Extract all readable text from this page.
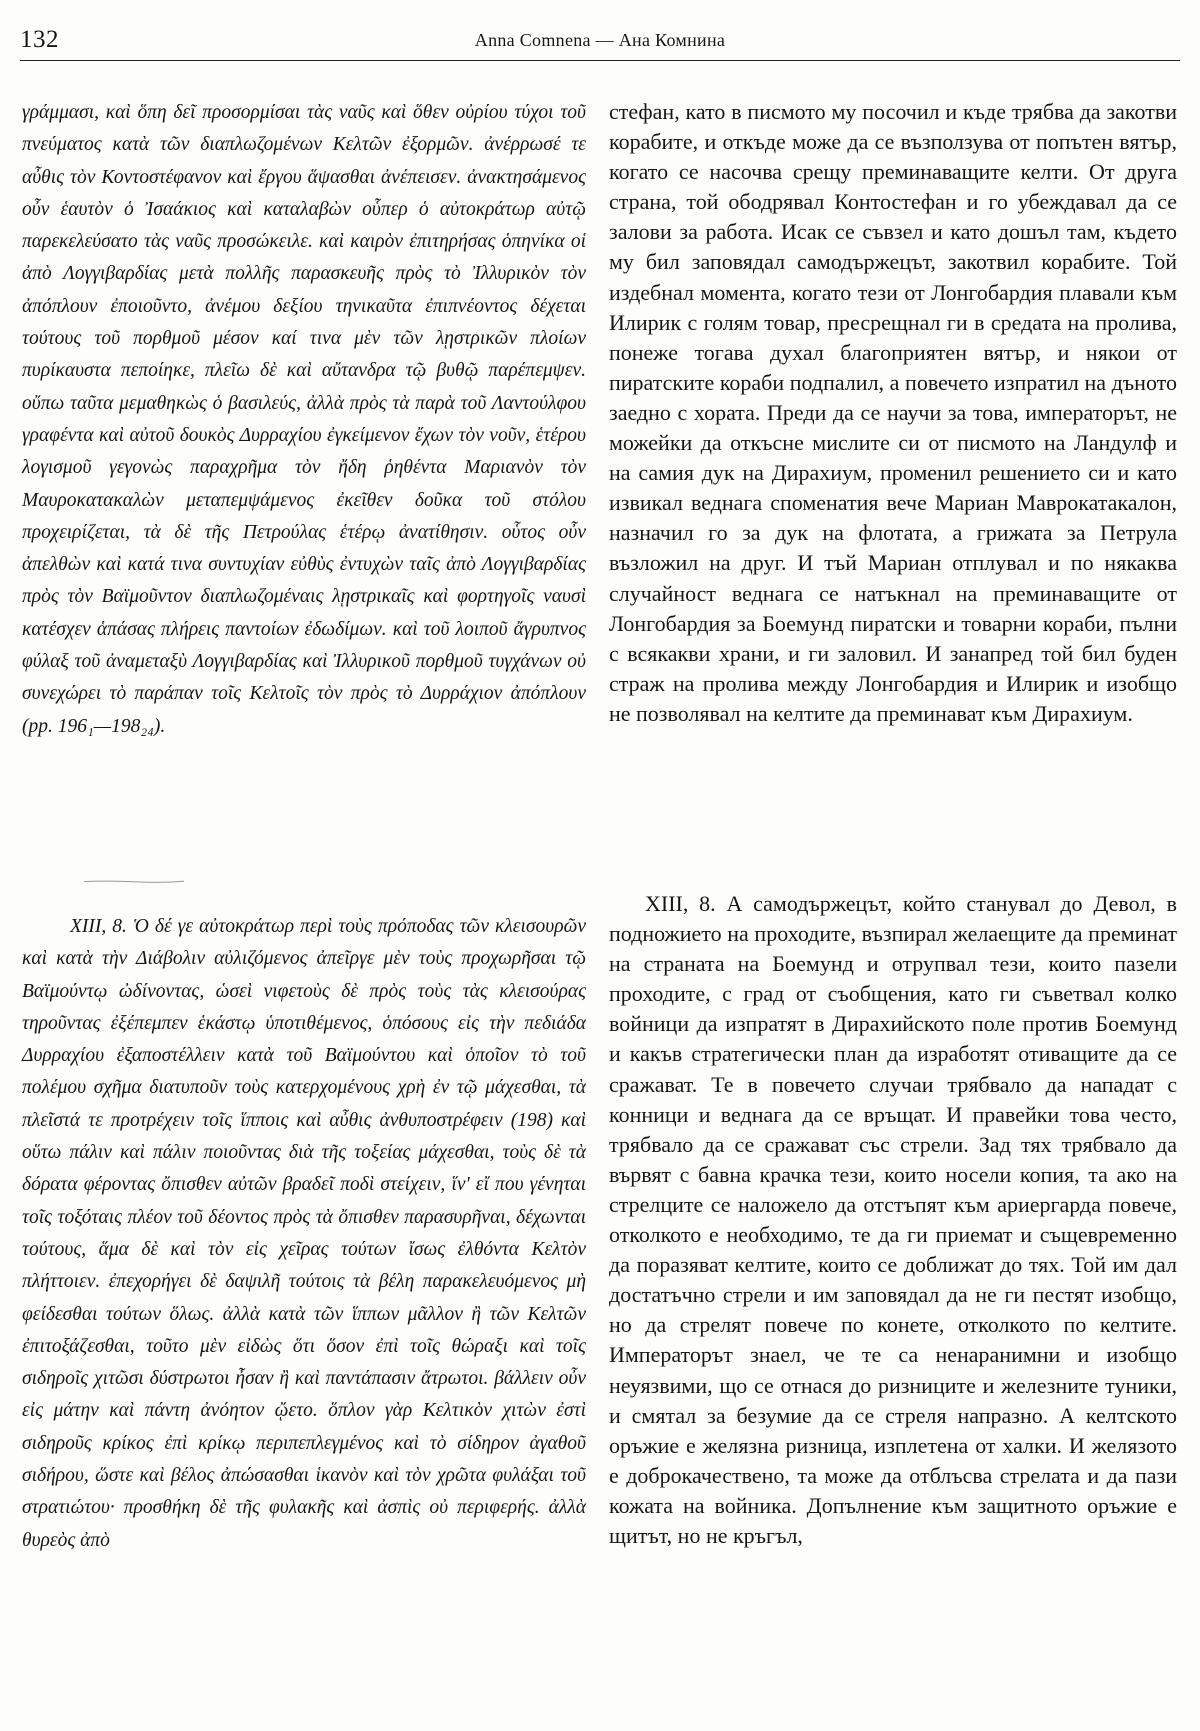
132	Anna Comnena — Ана Комнина

γράμμασι, καὶ ὅπη δεῖ προσορμίσαι τὰς ναῦς καὶ ὅθεν οὐρίου τύχοι τοῦ πνεύματος κατὰ τῶν διαπλωζομένων Κελτῶν ἐξορμῶν. ἀνέρρωσέ τε αὖθις τὸν Κοντοστέφανον καὶ ἔργου ἅψασθαι ἀνέπεισεν. ἀνακτησάμενος οὖν ἑαυτὸν ὁ Ἰσαάκιος καὶ καταλαβὼν οὗπερ ὁ αὐτοκράτωρ αὐτῷ παρεκελεύσατο τὰς ναῦς προσώκειλε. καὶ καιρὸν ἐπιτηρήσας ὁπηνίκα οἱ ἀπὸ Λογγιβαρδίας μετὰ πολλῆς παρασκευῆς πρὸς τὸ Ἰλλυρικὸν τὸν ἀπόπλουν ἐποιοῦντο, ἀνέμου δεξίου τηνικαῦτα ἐπιπνέοντος δέχεται τούτους τοῦ πορθμοῦ μέσον καί τινα μὲν τῶν λῃστρικῶν πλοίων πυρίκαυστα πεποίηκε, πλεῖω δὲ καὶ αὔτανδρα τῷ βυθῷ παρέπεμψεν. οὔπω ταῦτα μεμαθηκὼς ὁ βασιλεύς, ἀλλὰ πρὸς τὰ παρὰ τοῦ Λαντούλφου γραφέντα καὶ αὐτοῦ δουκὸς Δυρραχίου ἐγκείμενον ἔχων τὸν νοῦν, ἑτέρου λογισμοῦ γεγονὼς παραχρῆμα τὸν ἤδη ῥηθέντα Μαριανὸν τὸν Μαυροκατακαλὼν μεταπεμψάμενος ἐκεῖθεν δοῦκα τοῦ στόλου προχειρίζεται, τὰ δὲ τῆς Πετρούλας ἑτέρῳ ἀνατίθησιν. οὗτος οὖν ἀπελθὼν καὶ κατά τινα συντυχίαν εὐθὺς ἐντυχὼν ταῖς ἀπὸ Λογγιβαρδίας πρὸς τὸν Βαϊμοῦντον διαπλωζομέναις λῃστρικαῖς καὶ φορτηγοῖς ναυσὶ κατέσχεν ἁπάσας πλήρεις παντοίων ἐδωδίμων. καὶ τοῦ λοιποῦ ἄγρυπνος φύλαξ τοῦ ἀναμεταξὺ Λογγιβαρδίας καὶ Ἰλλυρικοῦ πορθμοῦ τυγχάνων οὐ συνεχώρει τὸ παράπαν τοῖς Κελτοῖς τὸν πρὸς τὸ Δυρράχιον ἀπόπλουν (pp. 196₁—198₂₄).

XIII, 8. Ὁ δέ γε αὐτοκράτωρ περὶ τοὺς πρόποδας τῶν κλεισουρῶν καὶ κατὰ τὴν Διάβολιν αὐλιζόμενος ἀπεῖργε μὲν τοὺς προχωρῆσαι τῷ Βαϊμούντῳ ὠδίνοντας, ὡσεὶ νιφετοὺς δὲ πρὸς τοὺς τὰς κλεισούρας τηροῦντας ἐξέπεμπεν ἑκάστῳ ὑποτιθέμενος, ὁπόσους εἰς τὴν πεδιάδα Δυρραχίου ἐξαποστέλλειν κατὰ τοῦ Βαϊμούντου καὶ ὁποῖον τὸ τοῦ πολέμου σχῆμα διατυποῦν τοὺς κατερχομένους χρὴ ἐν τῷ μάχεσθαι, τὰ πλεῖστά τε προτρέχειν τοῖς ἵπποις καὶ αὖθις ἀνθυποστρέφειν (198) καὶ οὕτω πάλιν καὶ πάλιν ποιοῦντας διὰ τῆς τοξείας μάχεσθαι, τοὺς δὲ τὰ δόρατα φέροντας ὄπισθεν αὐτῶν βραδεῖ ποδὶ στείχειν, ἵν' εἴ που γένηται τοῖς τοξόταις πλέον τοῦ δέοντος πρὸς τὰ ὄπισθεν παρασυρῆναι, δέχωνται τούτους, ἅμα δὲ καὶ τὸν εἰς χεῖρας τούτων ἴσως ἐλθόντα Κελτὸν πλήττοιεν. ἐπεχορήγει δὲ δαψιλῆ τούτοις τὰ βέλη παρακελευόμενος μὴ φείδεσθαι τούτων ὅλως. ἀλλὰ κατὰ τῶν ἵππων μᾶλλον ἢ τῶν Κελτῶν ἐπιτοξάζεσθαι, τοῦτο μὲν εἰδὼς ὅτι ὅσον ἐπὶ τοῖς θώραξι καὶ τοῖς σιδηροῖς χιτῶσι δύστρωτοι ἦσαν ἢ καὶ παντάπασιν ἄτρωτοι. βάλλειν οὖν εἰς μάτην καὶ πάντη ἀνόητον ᾤετο. ὅπλον γὰρ Κελτικὸν χιτὼν ἐστὶ σιδηροῦς κρίκος ἐπὶ κρίκῳ περιπεπλεγμένος καὶ τὸ σίδηρον ἀγαθοῦ σιδήρου, ὥστε καὶ βέλος ἀπώσασθαι ἱκανὸν καὶ τὸν χρῶτα φυλάξαι τοῦ στρατιώτου· προσθήκη δὲ τῆς φυλακῆς καὶ ἀσπὶς οὐ περιφερής. ἀλλὰ θυρεὸς ἀπὸ

стефан, като в писмото му посочил и къде трябва да закотви корабите, и откъде може да се възползува от попътен вятър, когато се насочва срещу преминаващите келти. От друга страна, той ободрявал Контостефан и го убеждавал да се залови за работа. Исак се съвзел и като дошъл там, където му бил заповядал самодържецът, закотвил корабите. Той издебнал момента, когато тези от Лонгобардия плавали към Илирик с голям товар, пресрещнал ги в средата на пролива, понеже тогава духал благоприятен вятър, и някои от пиратските кораби подпалил, а повечето изпратил на дъното заедно с хората. Преди да се научи за това, императорът, не можейки да откъсне мислите си от писмото на Ландулф и на самия дук на Дирахиум, променил решението си и като извикал веднага споменатия вече Мариан Маврокатакалон, назначил го за дук на флотата, а грижата за Петрула възложил на друг. И тъй Мариан отплувал и по някаква случайност веднага се натъкнал на преминаващите от Лонгобардия за Боемунд пиратски и товарни кораби, пълни с всякакви храни, и ги заловил. И занапред той бил буден страж на пролива между Лонгобардия и Илирик и изобщо не позволявал на келтите да преминават към Дирахиум.

XIII, 8. А самодържецът, който станувал до Девол, в подножието на проходите, възпирал желаещите да преминат на страната на Боемунд и отрупвал тези, които пазели проходите, с град от съобщения, като ги съветвал колко войници да изпратят в Дирахийското поле против Боемунд и какъв стратегически план да изработят отиващите да се сражават. Те в повечето случаи трябвало да нападат с конници и веднага да се връщат. И правейки това често, трябвало да се сражават със стрели. Зад тях трябвало да вървят с бавна крачка тези, които носели копия, та ако на стрелците се наложело да отстъпят към ариергарда повече, отколкото е необходимо, те да ги приемат и същевременно да поразяват келтите, които се доближат до тях. Той им дал достатъчно стрели и им заповядал да не ги пестят изобщо, но да стрелят повече по конете, отколкото по келтите. Императорът знаел, че те са ненаранимни и изобщо неуязвими, що се отнася до ризниците и железните туники, и смятал за безумие да се стреля напразно. А келтското оръжие е желязна ризница, изплетена от халки. И желязото е доброкачествено, та може да отблъсва стрелата и да пази кожата на войника. Допълнение към защитното оръжие е щитът, но не кръгъл,
